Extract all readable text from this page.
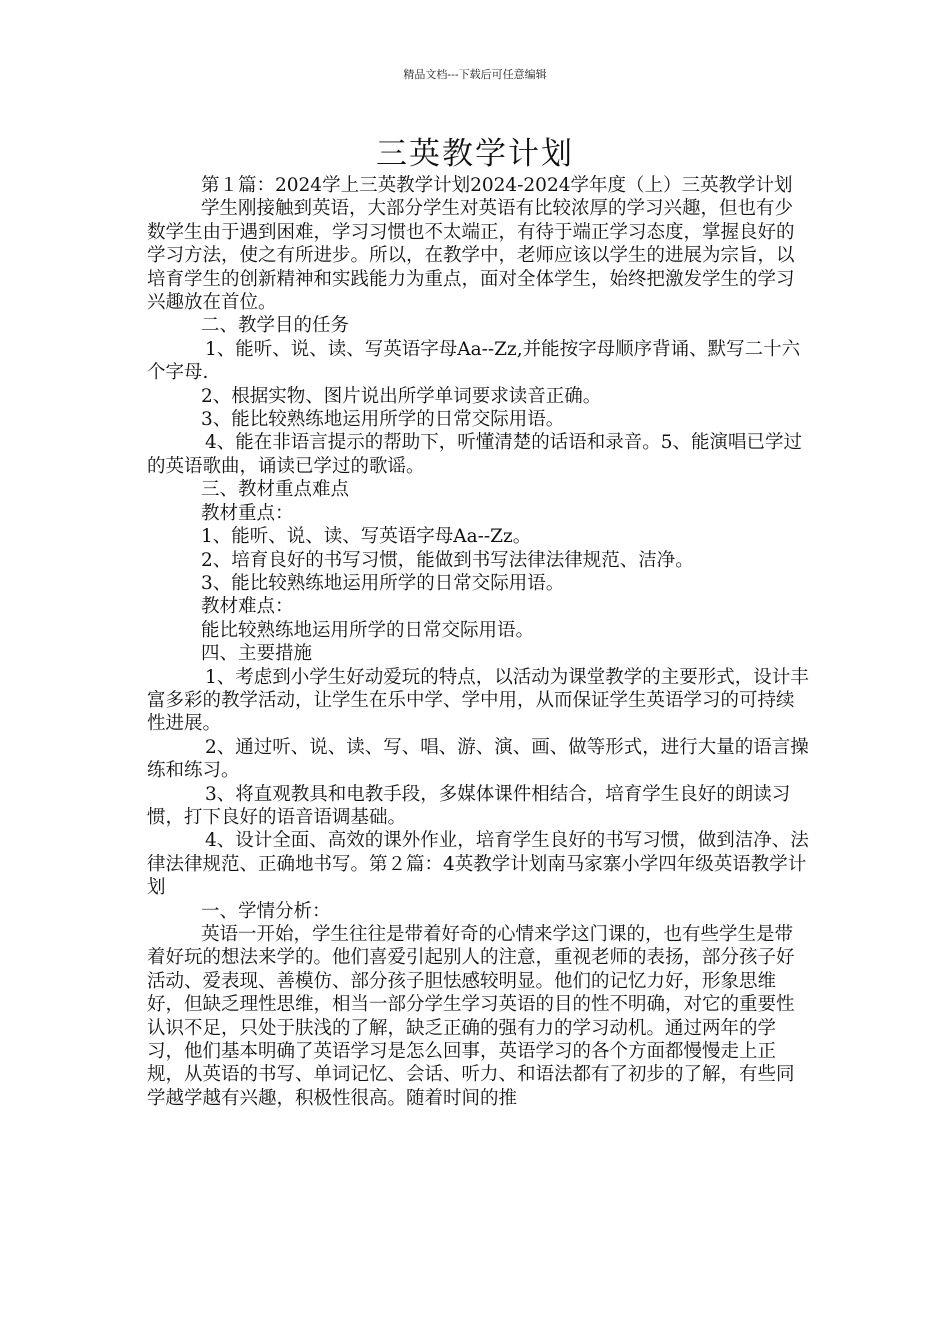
精品文档---下载后可任意编辑
三英教学计划

第１篇：2024学上三英教学计划2024-2024学年度（上）三英教学计划

学生刚接触到英语，大部分学生对英语有比较浓厚的学习兴趣，但也有少数学生由于遇到困难，学习习惯也不太端正，有待于端正学习态度，掌握良好的学习方法，使之有所进步。所以，在教学中，老师应该以学生的进展为宗旨，以培育学生的创新精神和实践能力为重点，面对全体学生，始终把激发学生的学习兴趣放在首位。

二、教学目的任务

1、能听、说、读、写英语字母Aa--Zz,并能按字母顺序背诵、默写二十六个字母.

2、根据实物、图片说出所学单词要求读音正确。

3、能比较熟练地运用所学的日常交际用语。

4、能在非语言提示的帮助下，听懂清楚的话语和录音。5、能演唱已学过的英语歌曲，诵读已学过的歌谣。

三、教材重点难点

教材重点：

1、能听、说、读、写英语字母Aa--Zz。

2、培育良好的书写习惯，能做到书写法律法律规范、洁净。

3、能比较熟练地运用所学的日常交际用语。

教材难点：

能比较熟练地运用所学的日常交际用语。

四、主要措施

1、考虑到小学生好动爱玩的特点，以活动为课堂教学的主要形式，设计丰富多彩的教学活动，让学生在乐中学、学中用，从而保证学生英语学习的可持续性进展。

2、通过听、说、读、写、唱、游、演、画、做等形式，进行大量的语言操练和练习。

3、将直观教具和电教手段，多媒体课件相结合，培育学生良好的朗读习惯，打下良好的语音语调基础。

4、设计全面、高效的课外作业，培育学生良好的书写习惯，做到洁净、法律法律规范、正确地书写。第２篇：4英教学计划南马家寨小学四年级英语教学计划

一、学情分析：

英语一开始，学生往往是带着好奇的心情来学这门课的，也有些学生是带着好玩的想法来学的。他们喜爱引起别人的注意，重视老师的表扬，部分孩子好活动、爱表现、善模仿、部分孩子胆怯感较明显。他们的记忆力好，形象思维好，但缺乏理性思维，相当一部分学生学习英语的目的性不明确，对它的重要性认识不足，只处于肤浅的了解，缺乏正确的强有力的学习动机。通过两年的学习，他们基本明确了英语学习是怎么回事，英语学习的各个方面都慢慢走上正规，从英语的书写、单词记忆、会话、听力、和语法都有了初步的了解，有些同学越学越有兴趣，积极性很高。随着时间的推
